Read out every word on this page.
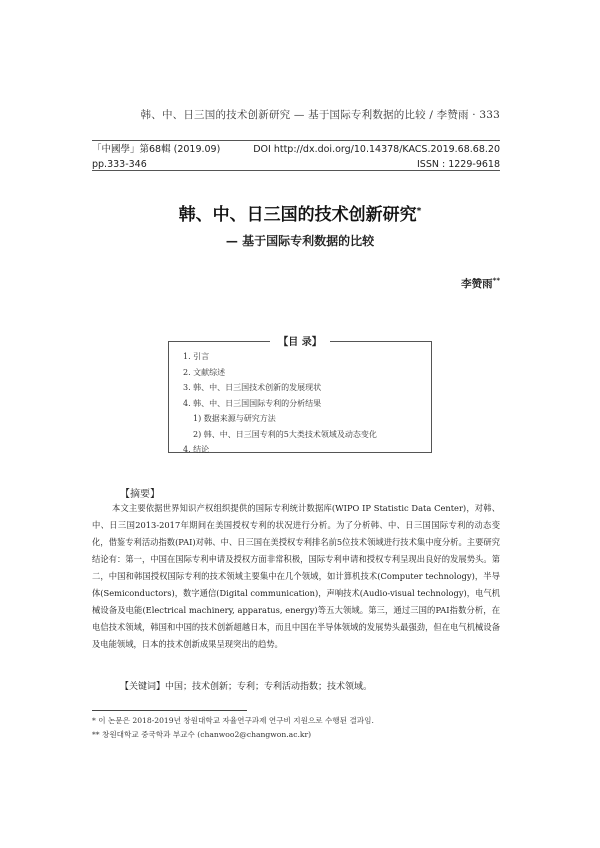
韩、中、日三国的技术创新研究 — 基于国际专利数据的比较 / 李赞雨 · 333
「中國學」第68輯 (2019.09)
pp.333-346
DOI http://dx.doi.org/10.14378/KACS.2019.68.68.20
ISSN : 1229-9618
韩、中、日三国的技术创新研究*
— 基于国际专利数据的比较
李赞雨**
【目 录】
1. 引言
2. 文献综述
3. 韩、中、日三国技术创新的发展现状
4. 韩、中、日三国国际专利的分析结果
1) 数据来源与研究方法
2) 韩、中、日三国专利的5大类技术领域及动态变化
4. 结论
【摘要】
本文主要依据世界知识产权组织提供的国际专利统计数据库(WIPO IP Statistic Data Center)，对韩、中、日三国2013-2017年期间在美国授权专利的状况进行分析。为了分析韩、中、日三国国际专利的动态变化，借鉴专利活动指数(PAI)对韩、中、日三国在美授权专利排名前5位技术领域进行技术集中度分析。主要研究结论有：第一，中国在国际专利申请及授权方面非常积极，国际专利申请和授权专利呈现出良好的发展势头。第二，中国和韩国授权国际专利的技术领域主要集中在几个领域，如计算机技术(Computer technology)，半导体(Semiconductors)，数字通信(Digital communication)，声响技术(Audio-visual technology)，电气机械设备及电能(Electrical machinery, apparatus, energy)等五大领域。第三，通过三国的PAI指数分析，在电信技术领域，韩国和中国的技术创新超越日本，而且中国在半导体领域的发展势头最强劲，但在电气机械设备及电能领域，日本的技术创新成果呈现突出的趋势。
【关键词】中国；技术创新；专利；专利活动指数；技术领域。
* 이 논문은 2018-2019년 창원대학교 자율연구과제 연구비 지원으로 수행된 결과임.
** 창원대학교 중국학과 부교수 (chanwoo2@changwon.ac.kr)
